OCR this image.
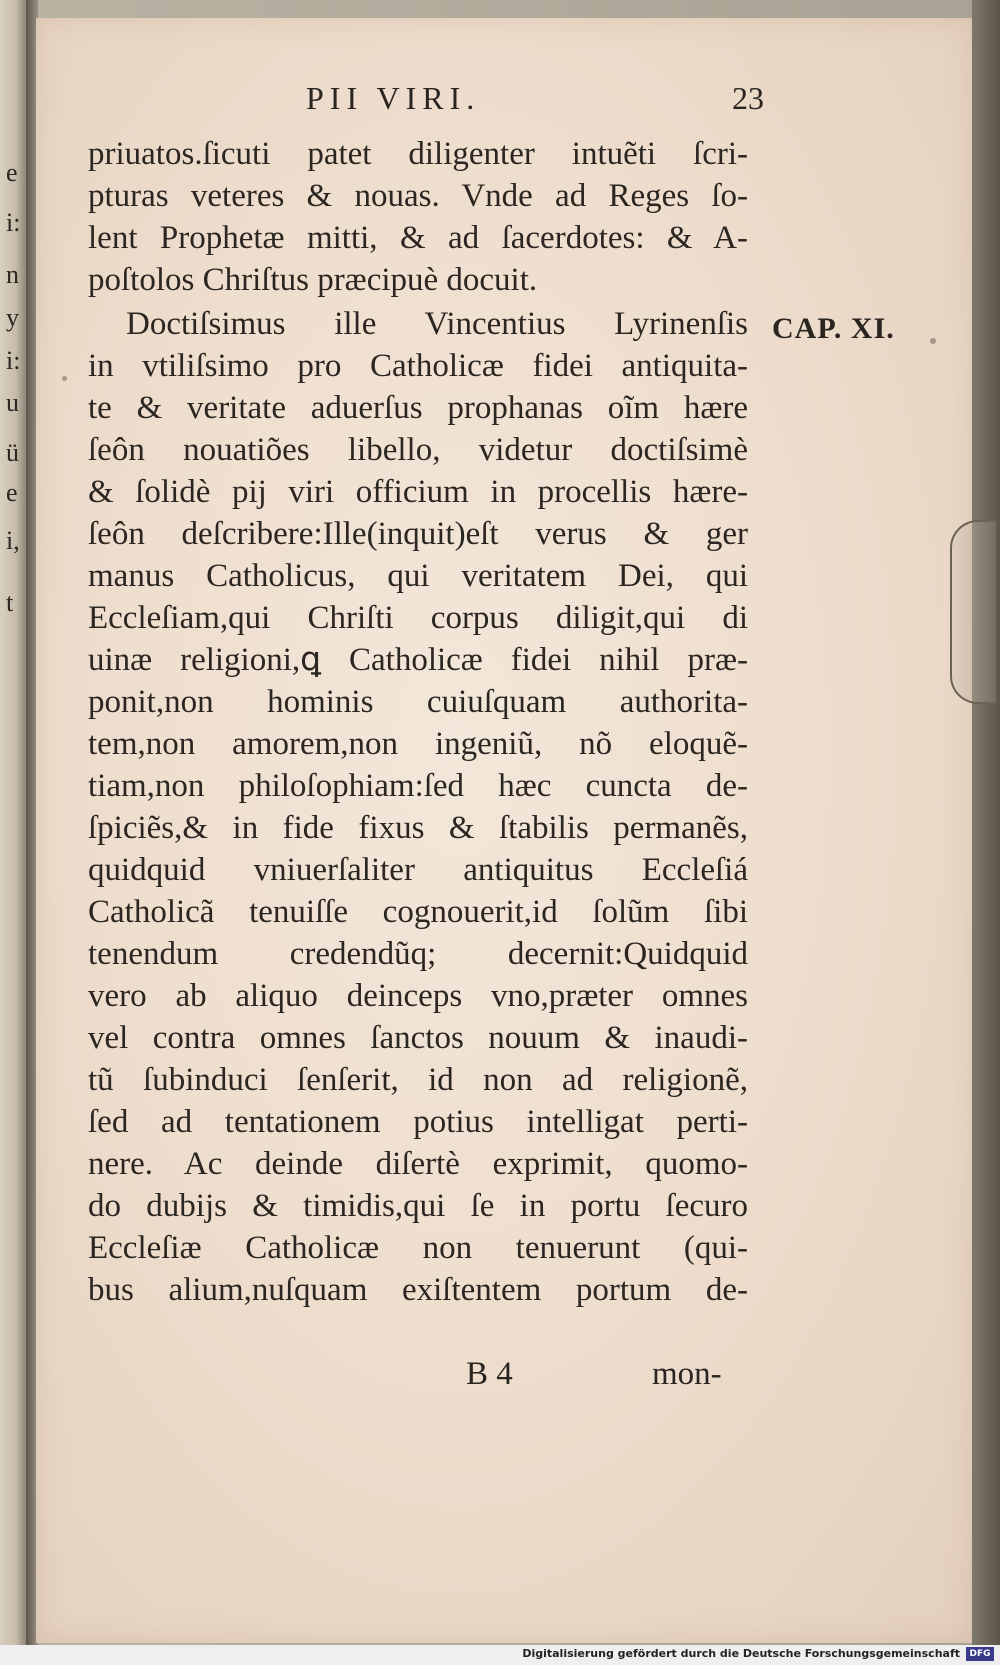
e
i:
n
y
i:
u
ü
e
i,
t
PII VIRI.	23
CAP. XI.
priuatos.ſicuti patet diligenter intuẽti ſcri-
pturas veteres & nouas. Vnde ad Reges ſo-
lent Prophetæ mitti, & ad ſacerdotes: & A-
poſtolos Chriſtus præcipuè docuit.
Doctiſsimus ille Vincentius Lyrinenſis
in vtiliſsimo pro Catholicæ fidei antiquita-
te & veritate aduerſus prophanas oĩm hære
ſeôn nouatiões libello, videtur doctiſsimè
& ſolidè pij viri officium in procellis hære-
ſeôn deſcribere:Ille(inquit)eſt verus & ger
manus Catholicus, qui veritatem Dei, qui
Eccleſiam,qui Chriſti corpus diligit,qui di
uinæ religioni,ꝗ Catholicæ fidei nihil præ-
ponit,non hominis cuiuſquam authorita-
tem,non amorem,non ingeniũ, nõ eloquẽ-
tiam,non philoſophiam:ſed hæc cuncta de-
ſpiciẽs,& in fide fixus & ſtabilis permanẽs,
quidquid vniuerſaliter antiquitus Eccleſiá
Catholicã tenuiſſe cognouerit,id ſolũm ſibi
tenendum credendũq; decernit:Quidquid
vero ab aliquo deinceps vno,præter omnes
vel contra omnes ſanctos nouum & inaudi-
tũ ſubinduci ſenſerit, id non ad religionẽ,
ſed ad tentationem potius intelligat perti-
nere. Ac deinde diſertè exprimit, quomo-
do dubijs & timidis,qui ſe in portu ſecuro
Eccleſiæ Catholicæ non tenuerunt (qui-
bus alium,nuſquam exiſtentem portum de-
B 4	mon-
Digitalisierung gefördert durch die Deutsche Forschungsgemeinschaft	DFG
